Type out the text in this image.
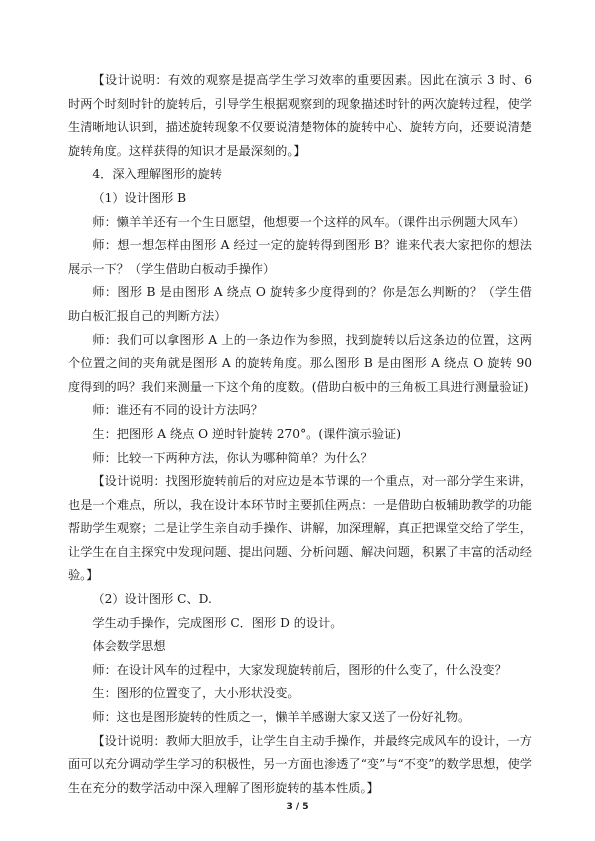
【设计说明：有效的观察是提高学生学习效率的重要因素。因此在演示 3 时、6 时两个时刻时针的旋转后，引导学生根据观察到的现象描述时针的两次旋转过程，使学生清晰地认识到，描述旋转现象不仅要说清楚物体的旋转中心、旋转方向，还要说清楚旋转角度。这样获得的知识才是最深刻的。】

4．深入理解图形的旋转

（1）设计图形 B

师：懒羊羊还有一个生日愿望，他想要一个这样的风车。（课件出示例题大风车）

师：想一想怎样由图形 A 经过一定的旋转得到图形 B？谁来代表大家把你的想法展示一下？（学生借助白板动手操作）

师：图形 B 是由图形 A 绕点 O 旋转多少度得到的？你是怎么判断的？（学生借助白板汇报自己的判断方法）

师：我们可以拿图形 A 上的一条边作为参照，找到旋转以后这条边的位置，这两个位置之间的夹角就是图形 A 的旋转角度。那么图形 B 是由图形 A 绕点 O 旋转 90 度得到的吗？我们来测量一下这个角的度数。(借助白板中的三角板工具进行测量验证)

师：谁还有不同的设计方法吗？

生：把图形 A 绕点 O 逆时针旋转 270°。(课件演示验证)

师：比较一下两种方法，你认为哪种简单？为什么？

【设计说明：找图形旋转前后的对应边是本节课的一个重点，对一部分学生来讲，也是一个难点，所以，我在设计本环节时主要抓住两点：一是借助白板辅助教学的功能帮助学生观察；二是让学生亲自动手操作、讲解，加深理解，真正把课堂交给了学生，让学生在自主探究中发现问题、提出问题、分析问题、解决问题，积累了丰富的活动经验。】

（2）设计图形 C、D.

学生动手操作，完成图形 C．图形 D 的设计。

体会数学思想

师：在设计风车的过程中，大家发现旋转前后，图形的什么变了，什么没变？

生：图形的位置变了，大小形状没变。

师：这也是图形旋转的性质之一，懒羊羊感谢大家又送了一份好礼物。

【设计说明：教师大胆放手，让学生自主动手操作，并最终完成风车的设计，一方面可以充分调动学生学习的积极性，另一方面也渗透了“变”与“不变”的数学思想，使学生在充分的数学活动中深入理解了图形旋转的基本性质。】

3 / 5
